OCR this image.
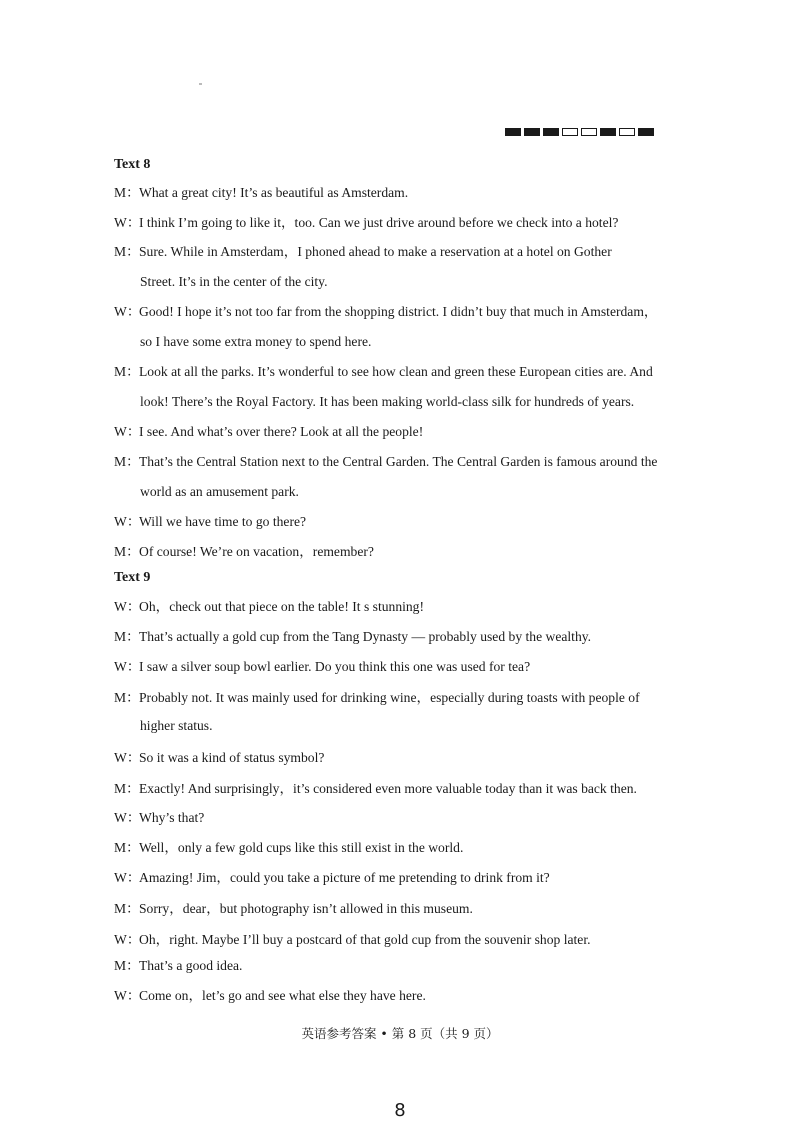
Text 8
M：What a great city! It’s as beautiful as Amsterdam.
W：I think I’m going to like it，too. Can we just drive around before we check into a hotel?
M：Sure. While in Amsterdam，I phoned ahead to make a reservation at a hotel on Gother
Street. It’s in the center of the city.
W：Good! I hope it’s not too far from the shopping district. I didn’t buy that much in Amsterdam，
so I have some extra money to spend here.
M：Look at all the parks. It’s wonderful to see how clean and green these European cities are. And
look! There’s the Royal Factory. It has been making world-class silk for hundreds of years.
W：I see. And what’s over there? Look at all the people!
M：That’s the Central Station next to the Central Garden. The Central Garden is famous around the
world as an amusement park.
W：Will we have time to go there?
M：Of course! We’re on vacation，remember?
Text 9
W：Oh，check out that piece on the table! It s stunning!
M：That’s actually a gold cup from the Tang Dynasty — probably used by the wealthy.
W：I saw a silver soup bowl earlier. Do you think this one was used for tea?
M：Probably not. It was mainly used for drinking wine，especially during toasts with people of
higher status.
W：So it was a kind of status symbol?
M：Exactly! And surprisingly，it’s considered even more valuable today than it was back then.
W：Why’s that?
M：Well，only a few gold cups like this still exist in the world.
W：Amazing! Jim，could you take a picture of me pretending to drink from it?
M：Sorry，dear，but photography isn’t allowed in this museum.
W：Oh，right. Maybe I’ll buy a postcard of that gold cup from the souvenir shop later.
M：That’s a good idea.
W：Come on，let’s go and see what else they have here.
英语参考答案 • 第 8 页（共 9 页）
8
